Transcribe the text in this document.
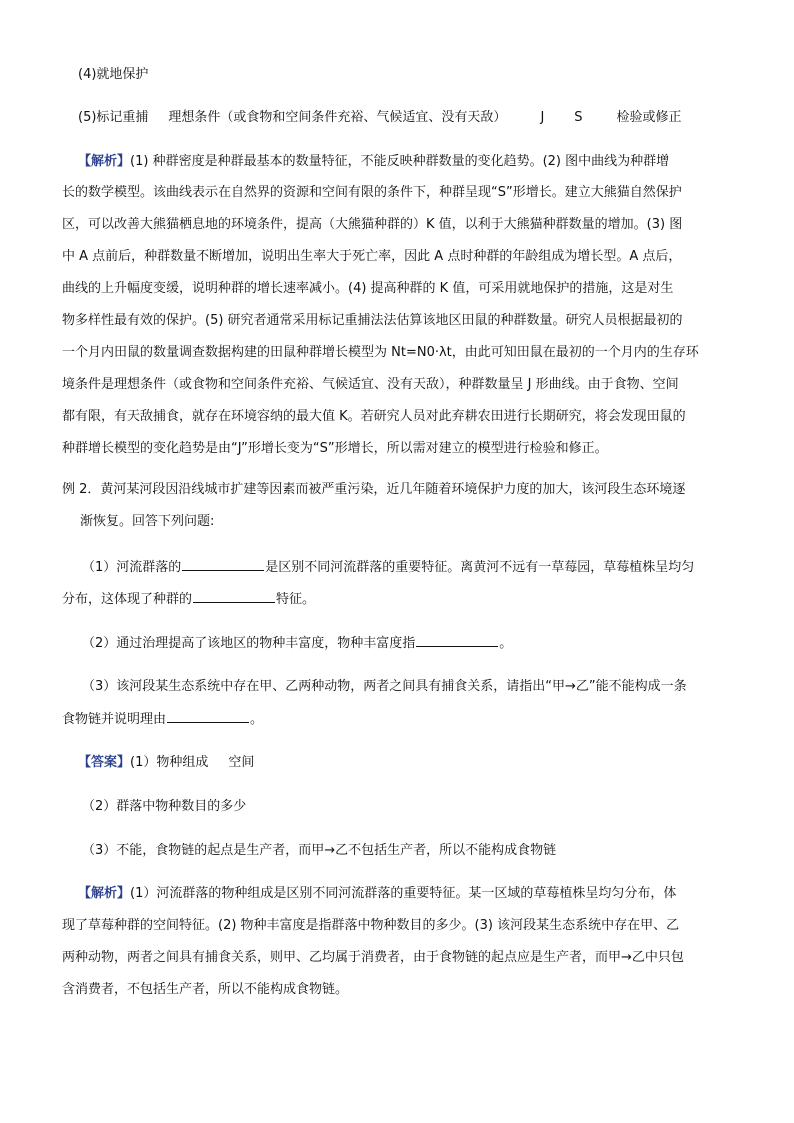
(4)就地保护
(5)标记重捕 理想条件（或食物和空间条件充裕、气候适宜、没有天敌）	J S	检验或修正
【解析】(1) 种群密度是种群最基本的数量特征，不能反映种群数量的变化趋势。(2) 图中曲线为种群增
长的数学模型。该曲线表示在自然界的资源和空间有限的条件下，种群呈现“S”形增长。建立大熊猫自然保护
区，可以改善大熊猫栖息地的环境条件，提高（大熊猫种群的）K 值，以利于大熊猫种群数量的增加。(3) 图
中 A 点前后，种群数量不断增加，说明出生率大于死亡率，因此 A 点时种群的年龄组成为增长型。A 点后，
曲线的上升幅度变缓，说明种群的增长速率减小。(4) 提高种群的 K 值，可采用就地保护的措施，这是对生
物多样性最有效的保护。(5) 研究者通常采用标记重捕法法估算该地区田鼠的种群数量。研究人员根据最初的
一个月内田鼠的数量调查数据构建的田鼠种群增长模型为 Nt=N0·λt，由此可知田鼠在最初的一个月内的生存环
境条件是理想条件（或食物和空间条件充裕、气候适宜、没有天敌），种群数量呈 J 形曲线。由于食物、空间
都有限，有天敌捕食，就存在环境容纳的最大值 K。若研究人员对此弃耕农田进行长期研究，将会发现田鼠的
种群增长模型的变化趋势是由“J”形增长变为“S”形增长，所以需对建立的模型进行检验和修正。
例 2．黄河某河段因沿线城市扩建等因素而被严重污染，近几年随着环境保护力度的加大，该河段生态环境逐
渐恢复。回答下列问题:
（1）河流群落的	是区别不同河流群落的重要特征。离黄河不远有一草莓园，草莓植株呈均匀
分布，这体现了种群的	特征。
（2）通过治理提高了该地区的物种丰富度，物种丰富度指	。
（3）该河段某生态系统中存在甲、乙两种动物，两者之间具有捕食关系，请指出“甲→乙”能不能构成一条
食物链并说明理由	。
【答案】(1）物种组成 空间
（2）群落中物种数目的多少
（3）不能，食物链的起点是生产者，而甲→乙不包括生产者，所以不能构成食物链
【解析】(1）河流群落的物种组成是区别不同河流群落的重要特征。某一区域的草莓植株呈均匀分布，体
现了草莓种群的空间特征。(2) 物种丰富度是指群落中物种数目的多少。(3) 该河段某生态系统中存在甲、乙
两种动物，两者之间具有捕食关系，则甲、乙均属于消费者，由于食物链的起点应是生产者，而甲→乙中只包
含消费者，不包括生产者，所以不能构成食物链。
